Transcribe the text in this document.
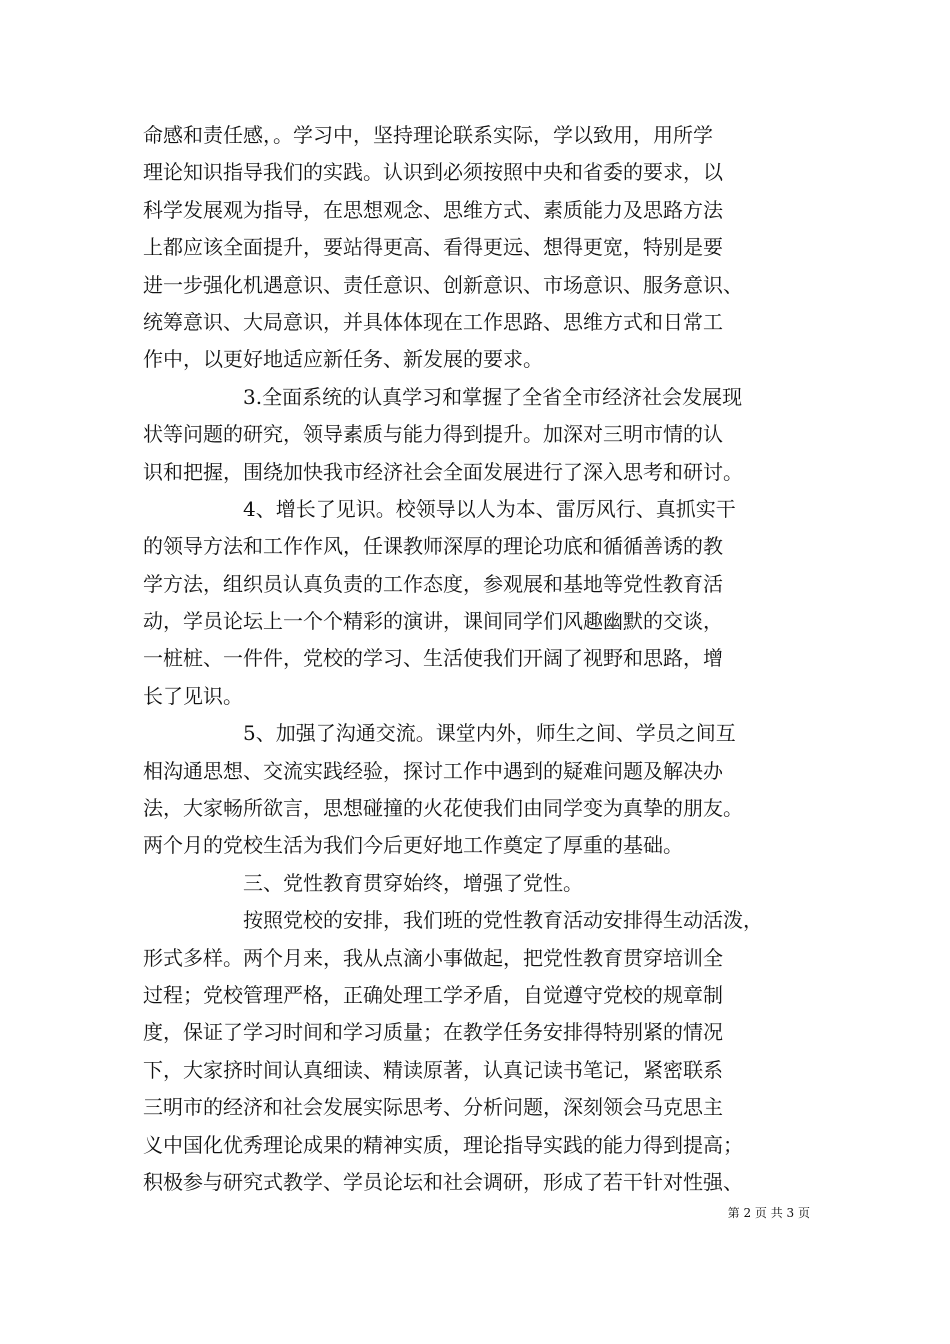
命感和责任感，。学习中，坚持理论联系实际，学以致用，用所学
理论知识指导我们的实践。认识到必须按照中央和省委的要求，以
科学发展观为指导，在思想观念、思维方式、素质能力及思路方法
上都应该全面提升，要站得更高、看得更远、想得更宽，特别是要
进一步强化机遇意识、责任意识、创新意识、市场意识、服务意识、
统筹意识、大局意识，并具体体现在工作思路、思维方式和日常工
作中，以更好地适应新任务、新发展的要求。
3.全面系统的认真学习和掌握了全省全市经济社会发展现
状等问题的研究，领导素质与能力得到提升。加深对三明市情的认
识和把握，围绕加快我市经济社会全面发展进行了深入思考和研讨。
4、增长了见识。校领导以人为本、雷厉风行、真抓实干
的领导方法和工作作风，任课教师深厚的理论功底和循循善诱的教
学方法，组织员认真负责的工作态度，参观展和基地等党性教育活
动，学员论坛上一个个精彩的演讲，课间同学们风趣幽默的交谈，
一桩桩、一件件，党校的学习、生活使我们开阔了视野和思路，增
长了见识。
5、加强了沟通交流。课堂内外，师生之间、学员之间互
相沟通思想、交流实践经验，探讨工作中遇到的疑难问题及解决办
法，大家畅所欲言，思想碰撞的火花使我们由同学变为真挚的朋友。
两个月的党校生活为我们今后更好地工作奠定了厚重的基础。
三、党性教育贯穿始终，增强了党性。
按照党校的安排，我们班的党性教育活动安排得生动活泼，
形式多样。两个月来，我从点滴小事做起，把党性教育贯穿培训全
过程；党校管理严格，正确处理工学矛盾，自觉遵守党校的规章制
度，保证了学习时间和学习质量；在教学任务安排得特别紧的情况
下，大家挤时间认真细读、精读原著，认真记读书笔记，紧密联系
三明市的经济和社会发展实际思考、分析问题，深刻领会马克思主
义中国化优秀理论成果的精神实质，理论指导实践的能力得到提高；
积极参与研究式教学、学员论坛和社会调研，形成了若干针对性强、
第 2 页 共 3 页
